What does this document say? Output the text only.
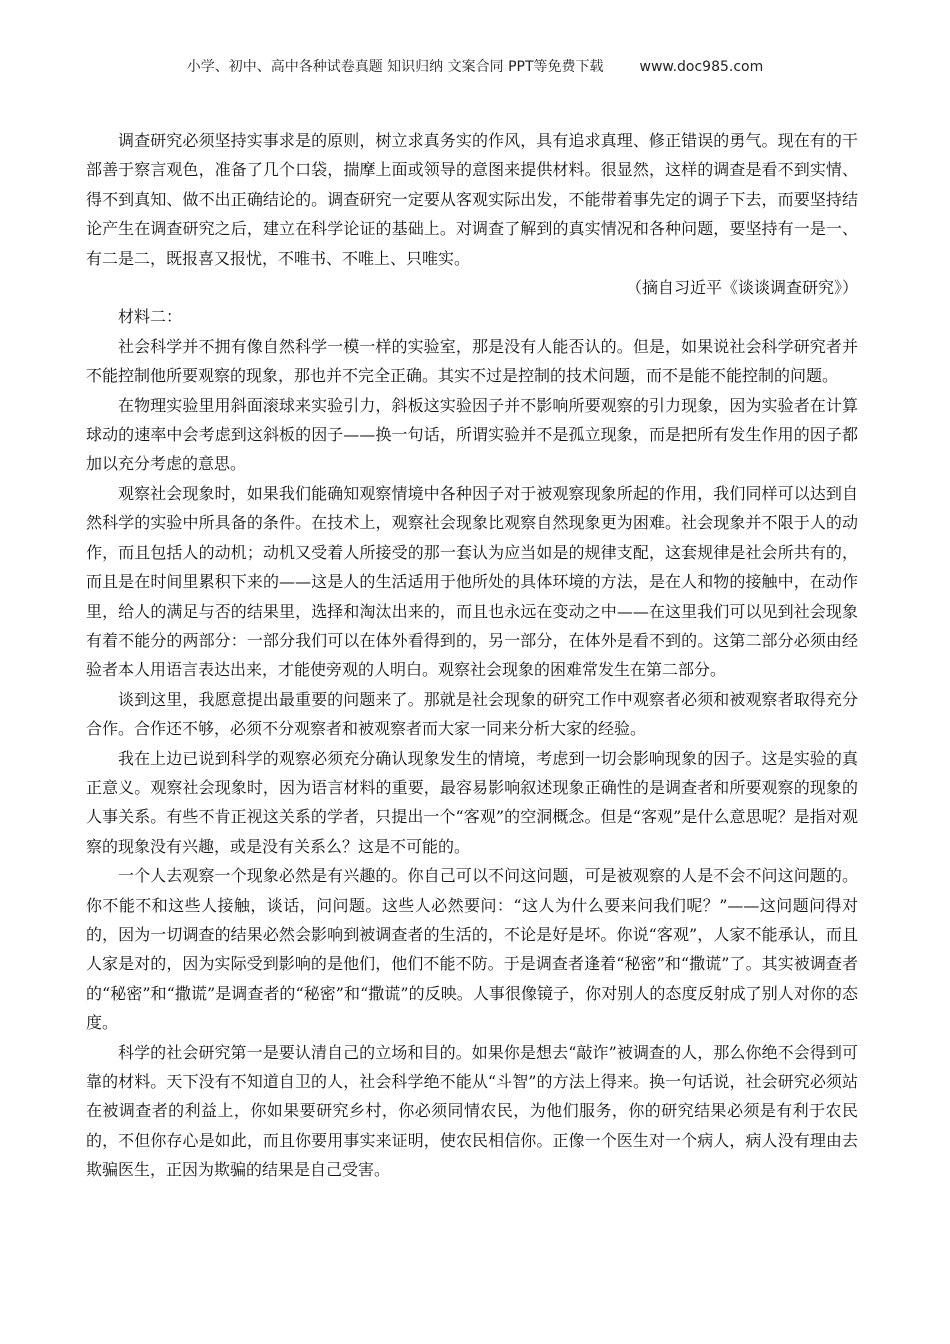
小学、初中、高中各种试卷真题 知识归纳 文案合同 PPT等免费下载	www.doc985.com

调查研究必须坚持实事求是的原则，树立求真务实的作风，具有追求真理、修正错误的勇气。现在有的干部善于察言观色，准备了几个口袋，揣摩上面或领导的意图来提供材料。很显然，这样的调查是看不到实情、得不到真知、做不出正确结论的。调查研究一定要从客观实际出发，不能带着事先定的调子下去，而要坚持结论产生在调查研究之后，建立在科学论证的基础上。对调查了解到的真实情况和各种问题，要坚持有一是一、有二是二，既报喜又报忧，不唯书、不唯上、只唯实。

（摘自习近平《谈谈调查研究》）

材料二：

社会科学并不拥有像自然科学一模一样的实验室，那是没有人能否认的。但是，如果说社会科学研究者并不能控制他所要观察的现象，那也并不完全正确。其实不过是控制的技术问题，而不是能不能控制的问题。

在物理实验里用斜面滚球来实验引力，斜板这实验因子并不影响所要观察的引力现象，因为实验者在计算球动的速率中会考虑到这斜板的因子——换一句话，所谓实验并不是孤立现象，而是把所有发生作用的因子都加以充分考虑的意思。

观察社会现象时，如果我们能确知观察情境中各种因子对于被观察现象所起的作用，我们同样可以达到自然科学的实验中所具备的条件。在技术上，观察社会现象比观察自然现象更为困难。社会现象并不限于人的动作，而且包括人的动机；动机又受着人所接受的那一套认为应当如是的规律支配，这套规律是社会所共有的，而且是在时间里累积下来的——这是人的生活适用于他所处的具体环境的方法，是在人和物的接触中，在动作里，给人的满足与否的结果里，选择和淘汰出来的，而且也永远在变动之中——在这里我们可以见到社会现象有着不能分的两部分：一部分我们可以在体外看得到的，另一部分，在体外是看不到的。这第二部分必须由经验者本人用语言表达出来，才能使旁观的人明白。观察社会现象的困难常发生在第二部分。

谈到这里，我愿意提出最重要的问题来了。那就是社会现象的研究工作中观察者必须和被观察者取得充分合作。合作还不够，必须不分观察者和被观察者而大家一同来分析大家的经验。

我在上边已说到科学的观察必须充分确认现象发生的情境，考虑到一切会影响现象的因子。这是实验的真正意义。观察社会现象时，因为语言材料的重要，最容易影响叙述现象正确性的是调查者和所要观察的现象的人事关系。有些不肯正视这关系的学者，只提出一个“客观”的空洞概念。但是“客观”是什么意思呢？是指对观察的现象没有兴趣，或是没有关系么？这是不可能的。

一个人去观察一个现象必然是有兴趣的。你自己可以不问这问题，可是被观察的人是不会不问这问题的。你不能不和这些人接触，谈话，问问题。这些人必然要问：“这人为什么要来问我们呢？”——这问题问得对的，因为一切调查的结果必然会影响到被调查者的生活的，不论是好是坏。你说“客观”，人家不能承认，而且人家是对的，因为实际受到影响的是他们，他们不能不防。于是调查者逢着“秘密”和“撒谎”了。其实被调查者的“秘密”和“撒谎”是调查者的“秘密”和“撒谎”的反映。人事很像镜子，你对别人的态度反射成了别人对你的态度。

科学的社会研究第一是要认清自己的立场和目的。如果你是想去“敲诈”被调查的人，那么你绝不会得到可靠的材料。天下没有不知道自卫的人，社会科学绝不能从“斗智”的方法上得来。换一句话说，社会研究必须站在被调查者的利益上，你如果要研究乡村，你必须同情农民，为他们服务，你的研究结果必须是有利于农民的，不但你存心是如此，而且你要用事实来证明，使农民相信你。正像一个医生对一个病人，病人没有理由去欺骗医生，正因为欺骗的结果是自己受害。
